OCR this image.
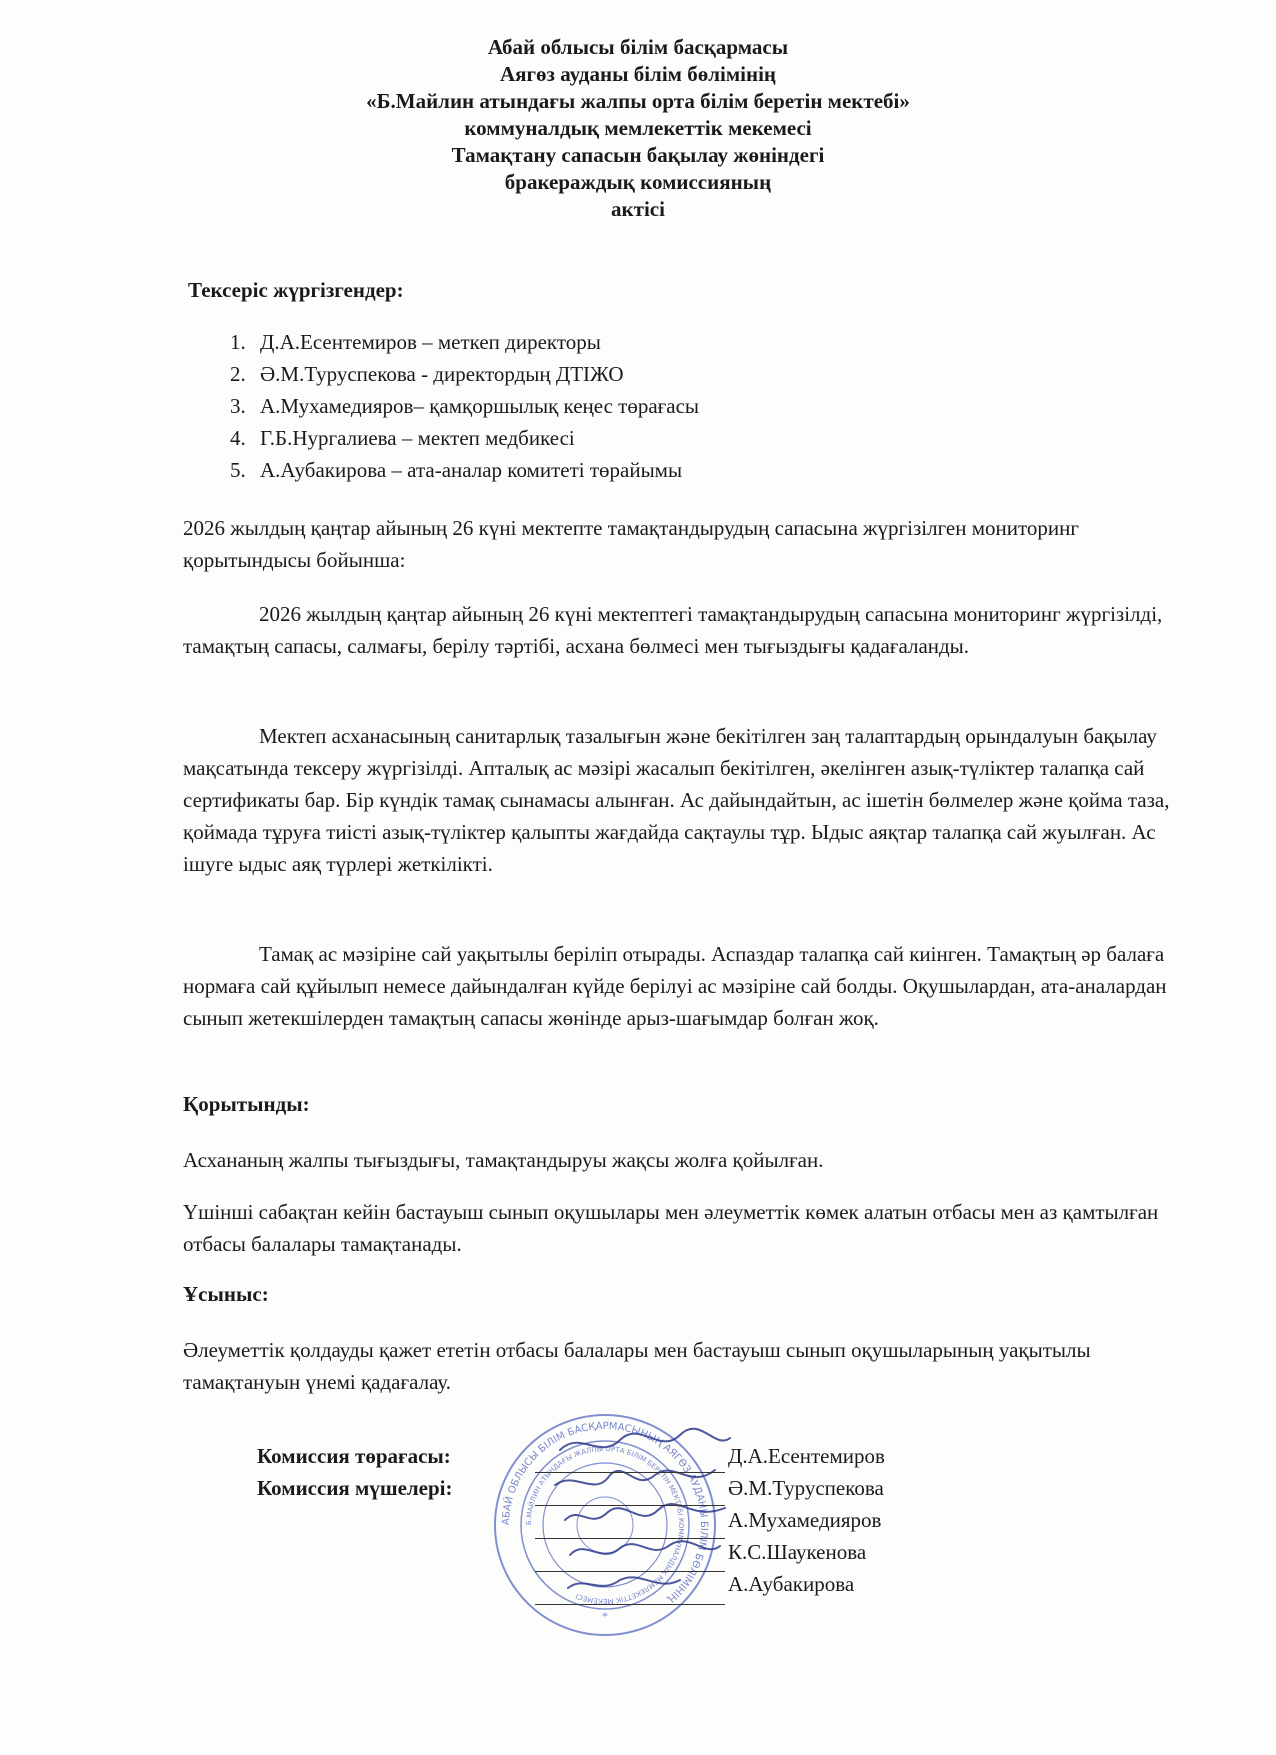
Абай облысы білім басқармасы
Аягөз ауданы білім бөлімінің
«Б.Майлин атындағы жалпы орта білім беретін мектебі»
коммуналдық мемлекеттік мекемесі
Тамақтану сапасын бақылау жөніндегі
бракераждық комиссияның
актісі
Тексеріс жүргізгендер:
1. Д.А.Есентемиров – меткеп директоры
2. Ә.М.Туруспекова - директордың ДТІЖО
3. А.Мухамедияров– қамқоршылық кеңес төрағасы
4. Г.Б.Нургалиева – мектеп медбикесі
5. А.Аубакирова – ата-аналар комитеті төрайымы

2026 жылдың қаңтар айының 26 күні мектепте тамақтандырудың сапасына жүргізілген мониторинг қорытындысы бойынша:

2026 жылдың қаңтар айының 26 күні мектептегі тамақтандырудың сапасына мониторинг жүргізілді, тамақтың сапасы, салмағы, берілу тәртібі, асхана бөлмесі мен тығыздығы қадағаланды.

Мектеп асханасының санитарлық тазалығын және бекітілген заң талаптардың орындалуын бақылау мақсатында тексеру жүргізілді. Апталық ас мәзірі жасалып бекітілген, әкелінген азық-түліктер талапқа сай сертификаты бар. Бір күндік тамақ сынамасы алынған. Ас дайындайтын, ас ішетін бөлмелер және қойма таза, қоймада тұруға тиісті азық-түліктер қалыпты жағдайда сақтаулы тұр. Ыдыс аяқтар талапқа сай жуылған. Ас ішуге ыдыс аяқ түрлері жеткілікті.

Тамақ ас мәзіріне сай уақытылы беріліп отырады. Аспаздар талапқа сай киінген. Тамақтың әр балаға нормаға сай құйылып немесе дайындалған күйде берілуі ас мәзіріне сай болды. Оқушылардан, ата-аналардан сынып жетекшілерден тамақтың сапасы жөнінде арыз-шағымдар болған жоқ.

Қорытынды:

Асхананың жалпы тығыздығы, тамақтандыруы жақсы жолға қойылған.

Үшінші сабақтан кейін бастауыш сынып оқушылары мен әлеуметтік көмек алатын отбасы мен аз қамтылған отбасы балалары тамақтанады.

Ұсыныс:

Әлеуметтік қолдауды қажет ететін отбасы балалары мен бастауыш сынып оқушыларының уақытылы тамақтануын үнемі қадағалау.

АБАЙ ОБЛЫСЫ БІЛІМ БАСҚАРМАСЫНЫҢ АЯГӨЗ АУДАНЫ БІЛІМ БӨЛІМІНІҢ
Б.МАЙЛИН АТЫНДАҒЫ ЖАЛПЫ ОРТА БІЛІМ БЕРЕТІН МЕКТЕБІ КОММУНАЛДЫҚ МЕМЛЕКЕТТІК МЕКЕМЕСІ
*
Комиссия төрағасы:
Комиссия мүшелері:
Д.А.Есентемиров
Ә.М.Туруспекова
А.Мухамедияров
К.С.Шаукенова
А.Аубакирова
